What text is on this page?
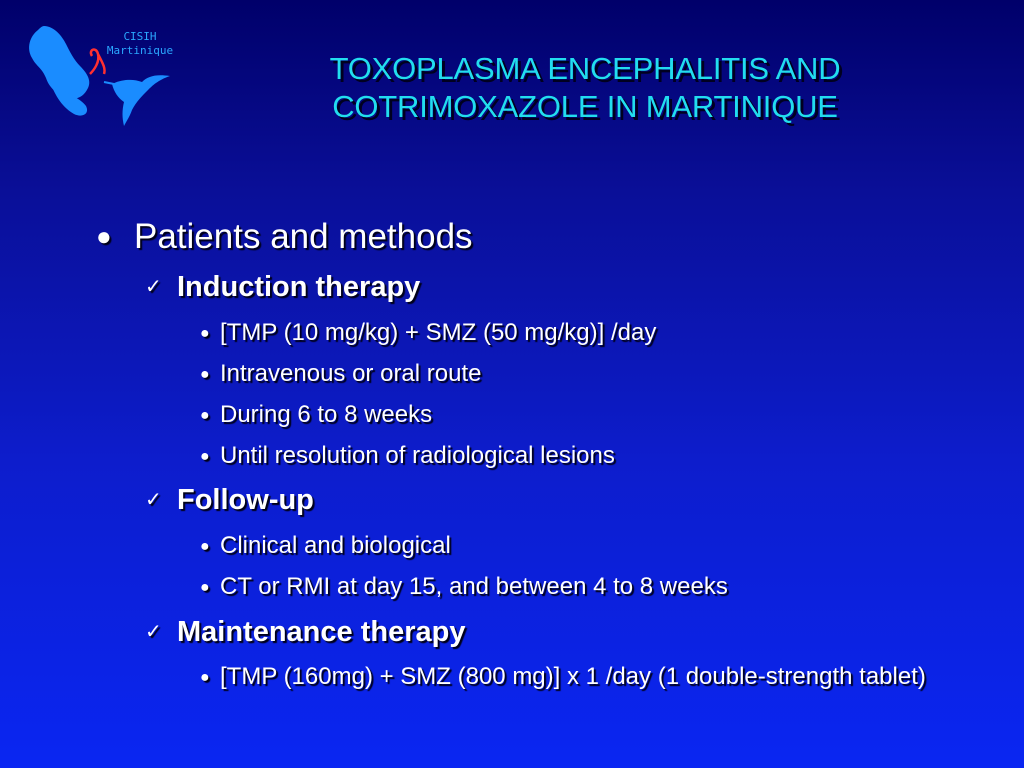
CISIH
Martinique
TOXOPLASMA ENCEPHALITIS AND
COTRIMOXAZOLE IN MARTINIQUE
● Patients and methods
✓ Induction therapy
● [TMP (10 mg/kg) + SMZ (50 mg/kg)] /day
● Intravenous or oral route
● During 6 to 8 weeks
● Until resolution of radiological lesions
✓ Follow-up
● Clinical and biological
● CT or RMI at day 15, and between 4 to 8 weeks
✓ Maintenance therapy
● [TMP (160mg) + SMZ (800 mg)] x 1 /day (1 double-strength tablet)
